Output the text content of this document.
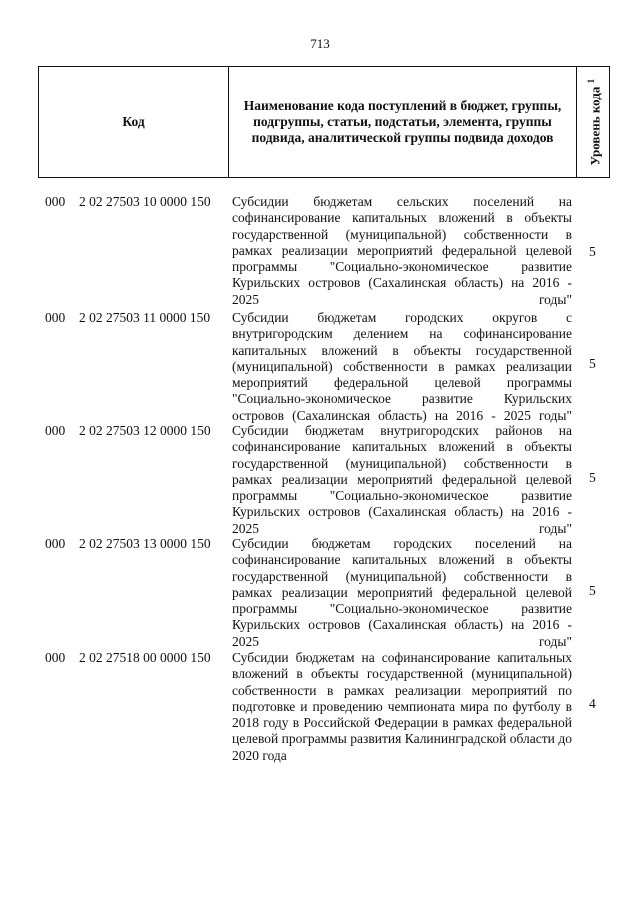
713
Код
Наименование кода поступлений в бюджет, группы, подгруппы, статьи, подстатьи, элемента, группы подвида, аналитической группы подвида доходов	Уровень кода $^1$
000 2 02 27503 10 0000 150 Субсидии бюджетам сельских поселений на софинансирование капитальных вложений в объекты государственной (муниципальной) собственности в рамках реализации мероприятий федеральной целевой программы "Социально-экономическое развитие Курильских островов (Сахалинская область) на 2016 - 2025 годы"
5
000 2 02 27503 11 0000 150 Субсидии бюджетам городских округов с внутригородским делением на софинансирование капитальных вложений в объекты государственной (муниципальной) собственности в рамках реализации мероприятий федеральной целевой программы "Социально-экономическое развитие Курильских островов (Сахалинская область) на 2016 - 2025 годы"
5
000 2 02 27503 12 0000 150 Субсидии бюджетам внутригородских районов на софинансирование капитальных вложений в объекты государственной (муниципальной) собственности в рамках реализации мероприятий федеральной целевой программы "Социально-экономическое развитие Курильских островов (Сахалинская область) на 2016 - 2025 годы"
5
000 2 02 27503 13 0000 150 Субсидии бюджетам городских поселений на софинансирование капитальных вложений в объекты государственной (муниципальной) собственности в рамках реализации мероприятий федеральной целевой программы "Социально-экономическое развитие Курильских островов (Сахалинская область) на 2016 - 2025 годы"
5
000 2 02 27518 00 0000 150 Субсидии бюджетам на софинансирование капитальных вложений в объекты государственной (муниципальной) собственности в рамках реализации мероприятий по подготовке и проведению чемпионата мира по футболу в 2018 году в Российской Федерации в рамках федеральной целевой программы развития Калининградской области до 2020 года
4
